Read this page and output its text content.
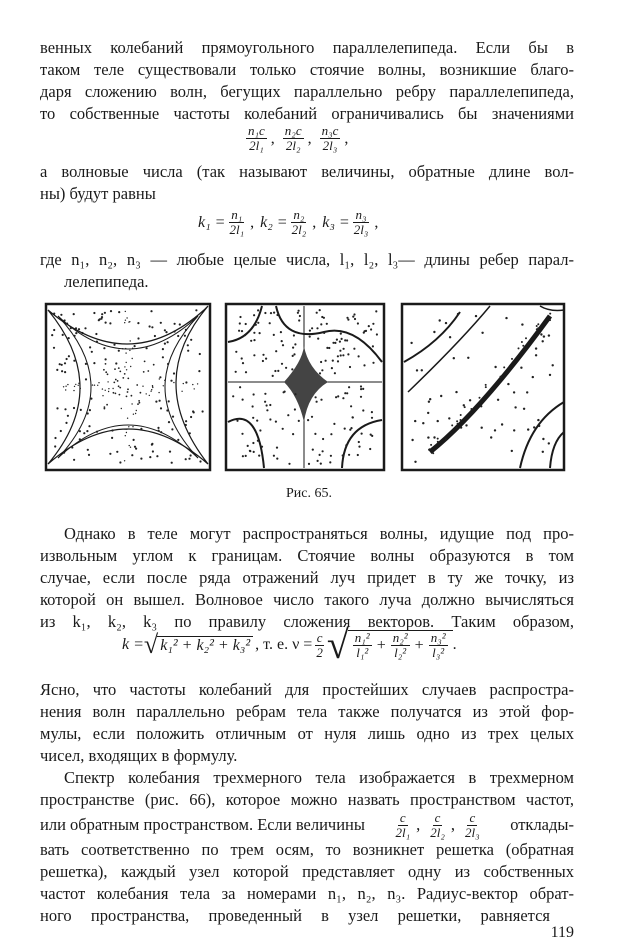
венных колебаний прямоугольного параллелепипеда. Если бы в
таком теле существовали только стоячие волны, возникшие благо-
даря сложению волн, бегущих параллельно ребру параллелепипеда,
то собственные частоты колебаний ограничивались бы значениями
$\frac{\text{n₁c}}{\text{2l₁}}$ , $\frac{\text{n₂c}}{\text{2l₂}}$ , $\frac{\text{n₃c}}{\text{2l₃}}$ ,
а волновые числа (так называют величины, обратные длине вол-
ны) будут равны
$k_1 = \frac{\text{n₁}}{\text{2l₁}}$ , $k_2 = \frac{\text{n₂}}{\text{2l₂}}$ , $k_3 = \frac{\text{n₃}}{\text{2l₃}}$ ,
где n₁, n₂, n₃ — любые целые числа, l₁, l₂, l₃— длины ребер парал-
лелепипеда.
Рис. 65.
Однако в теле могут распространяться волны, идущие под про-
извольным углом к границам. Стоячие волны образуются в том
случае, если после ряда отражений луч придет в ту же точку, из
которой он вышел. Волновое число такого луча должно вычисляться
из k₁, k₂, k₃ по правилу сложения векторов. Таким образом,
k = √ k₁² + k₂² + k₃² , т. е. $\nu = \frac{c}{2}$ √ $\frac{\text{n₁²}}{\text{l₁²}} + \frac{\text{n₂²}}{\text{l₂²}} + \frac{\text{n₃²}}{\text{l₃²}}$ .
Ясно, что частоты колебаний для простейших случаев распростра-
нения волн параллельно ребрам тела также получатся из этой фор-
мулы, если положить отличным от нуля лишь одно из трех целых
чисел, входящих в формулу.
Спектр колебания трехмерного тела изображается в трехмерном
пространстве (рис. 66), которое можно назвать пространством частот,
или обратным пространством. Если величины $\frac{c}{\text{2l₁}}$ , $\frac{c}{\text{2l₂}}$ , $\frac{c}{\text{2l₃}}$ отклады-
вать соответственно по трем осям, то возникнет решетка (обратная
решетка), каждый узел которой представляет одну из собственных
частот колебания тела за номерами n₁, n₂, n₃. Радиус-вектор обрат-
ного пространства, проведенный в узел решетки, равняется
119
